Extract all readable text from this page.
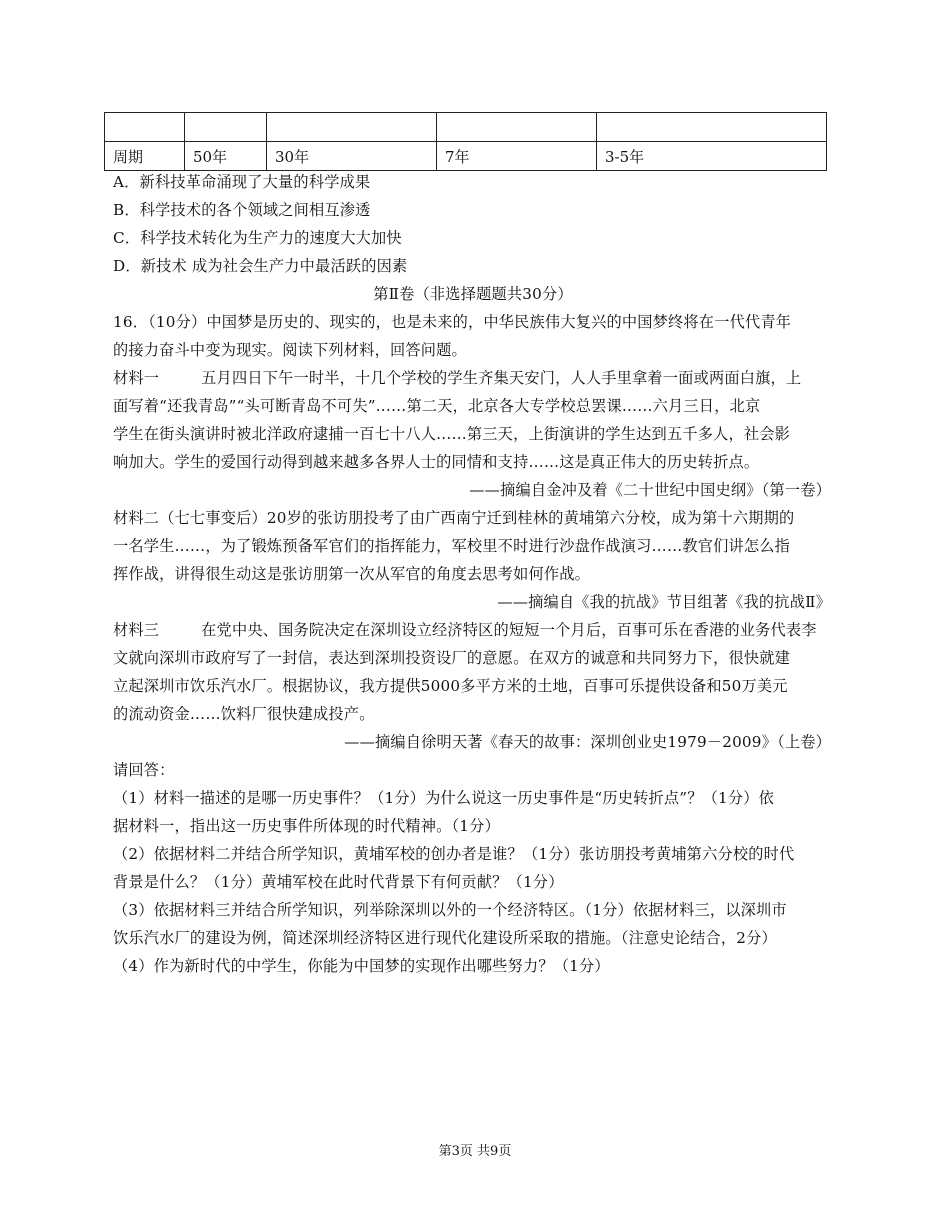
周期	50年	30年	7年	3-5年
A．新科技革命涌现了大量的科学成果
B．科学技术的各个领域之间相互渗透
C．科学技术转化为生产力的速度大大加快
D．新技术 成为社会生产力中最活跃的因素
第Ⅱ卷（非选择题题共30分）
16．（10分）中国梦是历史的、现实的，也是未来的，中华民族伟大复兴的中国梦终将在一代代青年
的接力奋斗中变为现实。阅读下列材料，回答问题。
材料一	五月四日下午一时半，十几个学校的学生齐集天安门，人人手里拿着一面或两面白旗，上
面写着“还我青岛”“头可断青岛不可失”……第二天，北京各大专学校总罢课……六月三日，北京
学生在街头演讲时被北洋政府逮捕一百七十八人……第三天，上街演讲的学生达到五千多人，社会影
响加大。学生的爱国行动得到越来越多各界人士的同情和支持……这是真正伟大的历史转折点。
——摘编自金冲及着《二十世纪中国史纲》（第一卷）
材料二（七七事变后）20岁的张访朋投考了由广西南宁迁到桂林的黄埔第六分校，成为第十六期期的
一名学生……，为了锻炼预备军官们的指挥能力，军校里不时进行沙盘作战演习……教官们讲怎么指
挥作战，讲得很生动这是张访朋第一次从军官的角度去思考如何作战。
——摘编自《我的抗战》节目组著《我的抗战Ⅱ》
材料三	在党中央、国务院决定在深圳设立经济特区的短短一个月后，百事可乐在香港的业务代表李
文就向深圳市政府写了一封信，表达到深圳投资设厂的意愿。在双方的诚意和共同努力下，很快就建
立起深圳市饮乐汽水厂。根据协议，我方提供5000多平方米的土地，百事可乐提供设备和50万美元
的流动资金……饮料厂很快建成投产。
——摘编自徐明天著《春天的故事：深圳创业史1979－2009》（上卷）
请回答：
（1）材料一描述的是哪一历史事件？（1分）为什么说这一历史事件是“历史转折点”？（1分）依
据材料一，指出这一历史事件所体现的时代精神。（1分）
（2）依据材料二并结合所学知识，黄埔军校的创办者是谁？（1分）张访朋投考黄埔第六分校的时代
背景是什么？（1分）黄埔军校在此时代背景下有何贡献？（1分）
（3）依据材料三并结合所学知识，列举除深圳以外的一个经济特区。（1分）依据材料三，以深圳市
饮乐汽水厂的建设为例，简述深圳经济特区进行现代化建设所采取的措施。（注意史论结合，2分）
（4）作为新时代的中学生，你能为中国梦的实现作出哪些努力？（1分）
第3页 共9页
